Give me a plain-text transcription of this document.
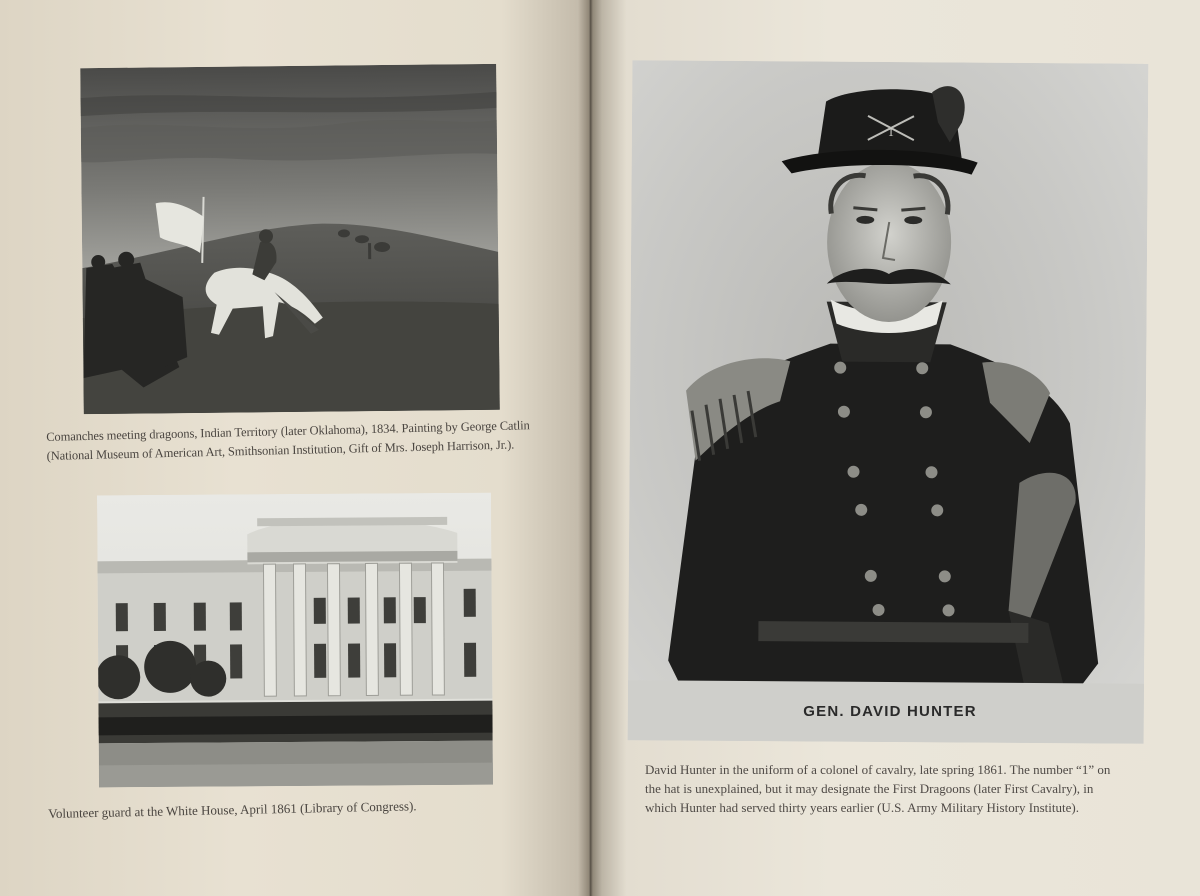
Comanches meeting dragoons, Indian Territory (later Oklahoma), 1834. Painting by George Catlin (National Museum of American Art, Smithsonian Institution, Gift of Mrs. Joseph Harrison, Jr.).

Volunteer guard at the White House, April 1861 (Library of Congress).

1
GEN. DAVID HUNTER

David Hunter in the uniform of a colonel of cavalry, late spring 1861. The number “1” on the hat is unexplained, but it may designate the First Dragoons (later First Cavalry), in which Hunter had served thirty years earlier (U.S. Army Military History Institute).
